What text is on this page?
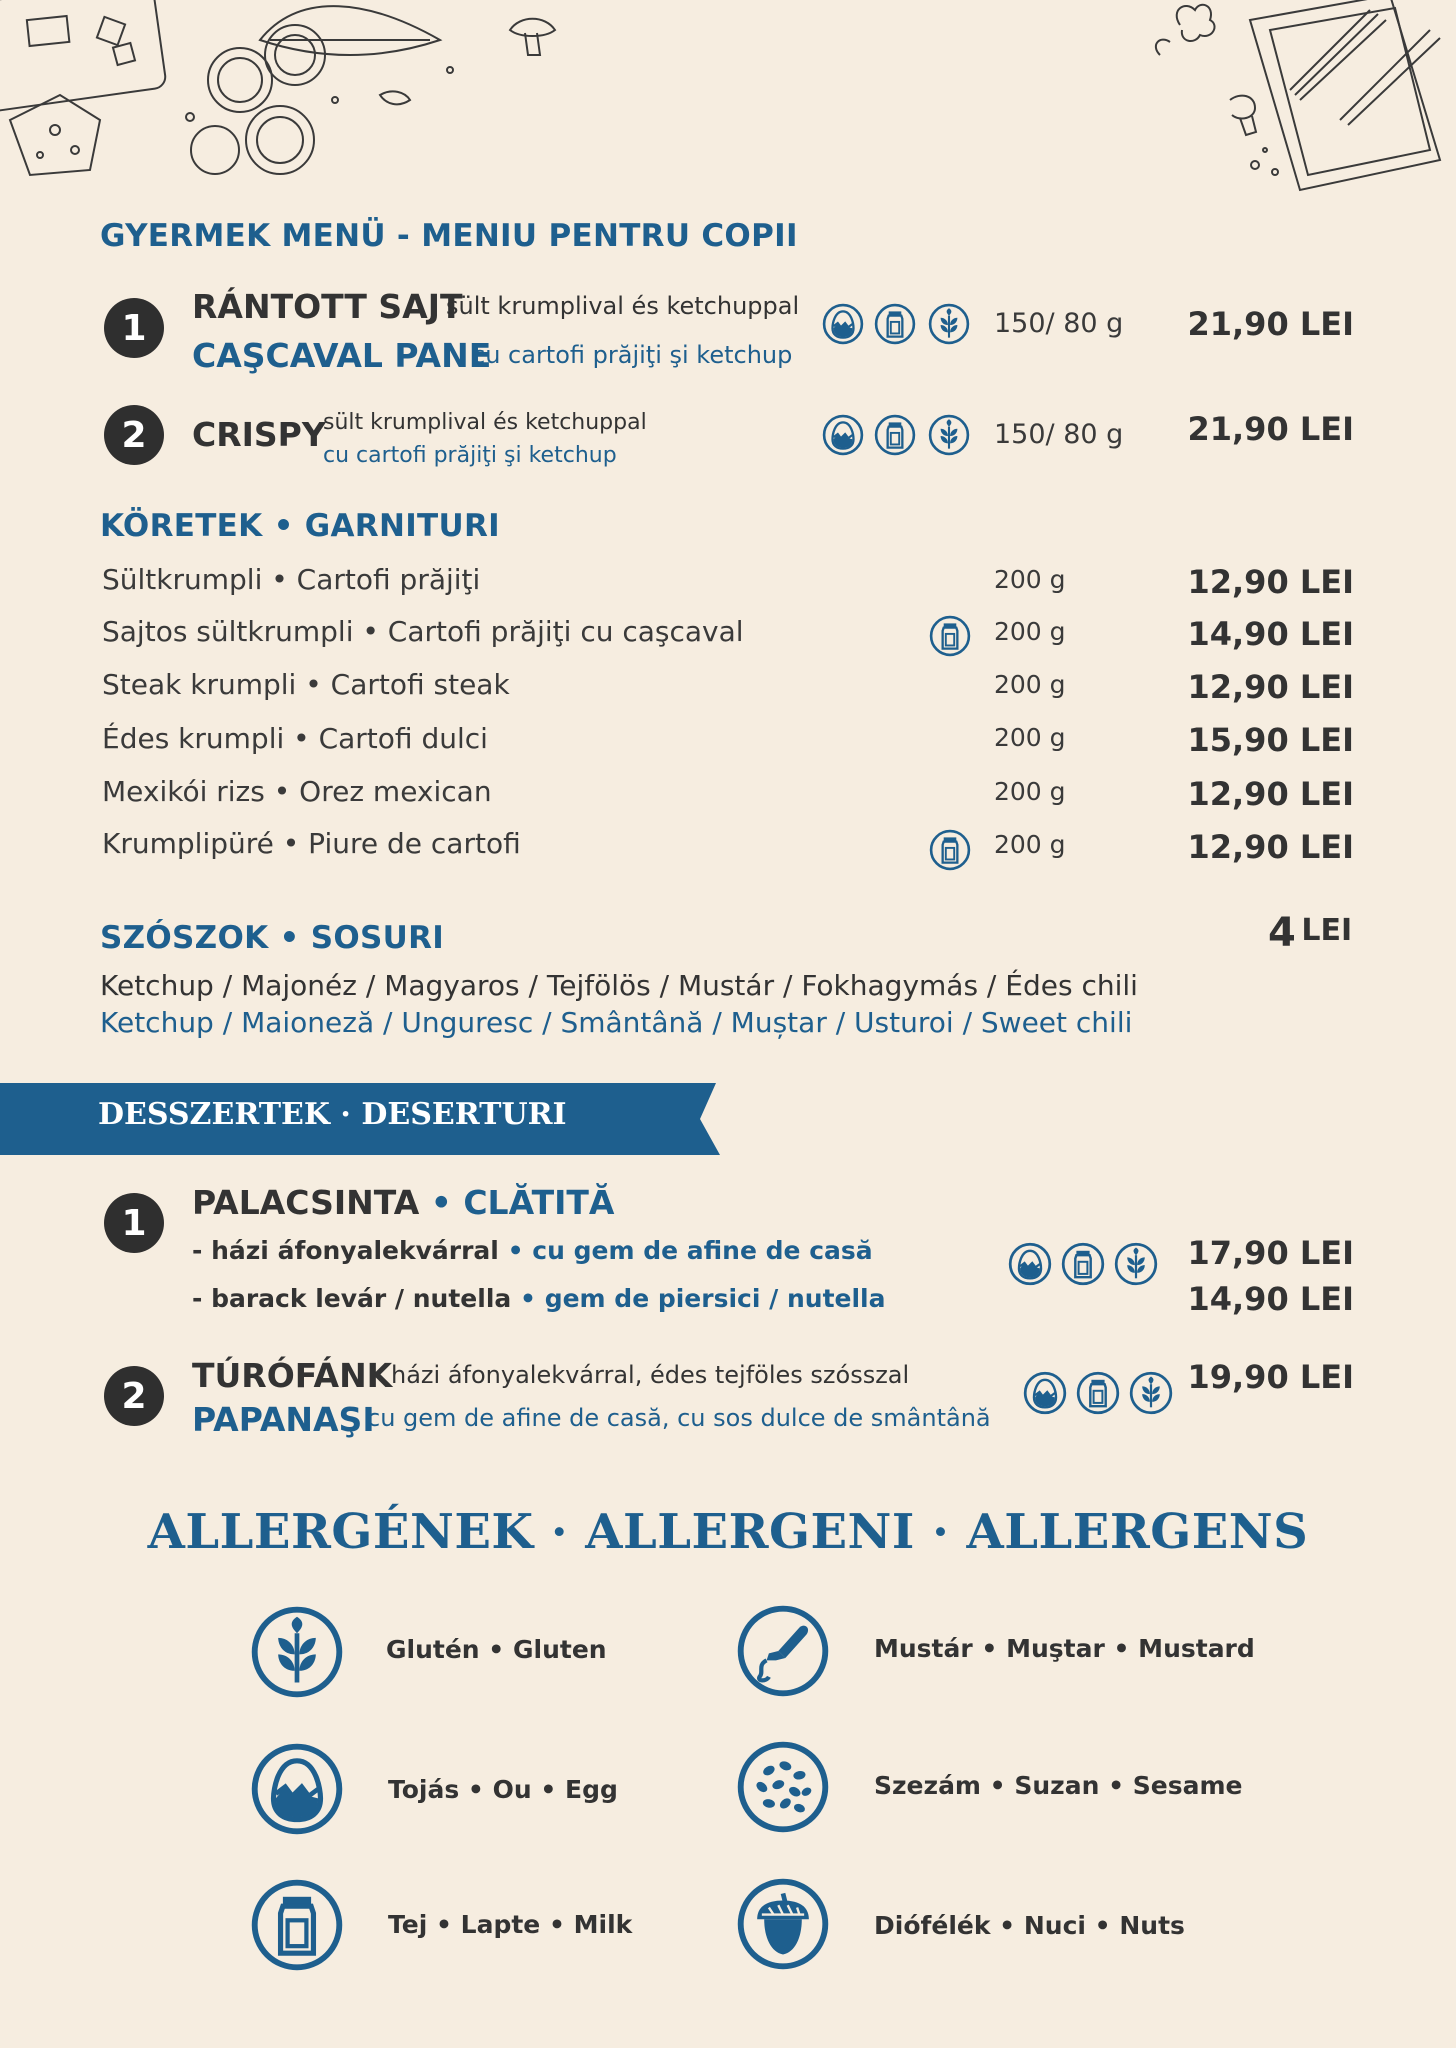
GYERMEK MENÜ - MENIU PENTRU COPII
1
RÁNTOTT SAJT
sült krumplival és ketchuppal
CAŞCAVAL PANE
cu cartofi prăjiţi şi ketchup
150/ 80 g	21,90 LEI
2	CRISPY
sült krumplival és ketchuppal
cu cartofi prăjiţi şi ketchup
150/ 80 g	21,90 LEI
KÖRETEK • GARNITURI
Sültkrumpli • Cartofi prăjiţi	200 g	12,90 LEI
Sajtos sültkrumpli • Cartofi prăjiţi cu caşcaval	200 g	14,90 LEI
Steak krumpli • Cartofi steak	200 g	12,90 LEI
Édes krumpli • Cartofi dulci	200 g	15,90 LEI
Mexikói rizs • Orez mexican	200 g	12,90 LEI
Krumplipüré • Piure de cartofi	200 g	12,90 LEI
SZÓSZOK • SOSURI	4 LEI
Ketchup / Majonéz / Magyaros / Tejfölös / Mustár / Fokhagymás / Édes chili
Ketchup / Maioneză / Unguresc / Smântână / Muștar / Usturoi / Sweet chili
DESSZERTEK · DESERTURI
1	PALACSINTA • CLĂTITĂ
- házi áfonyalekvárral • cu gem de afine de casă
- barack levár / nutella • gem de piersici / nutella
17,90 LEI
14,90 LEI
2	TÚRÓFÁNK
házi áfonyalekvárral, édes tejföles szósszal
PAPANAŞI
cu gem de afine de casă, cu sos dulce de smântână
19,90 LEI
ALLERGÉNEK · ALLERGENI · ALLERGENS
Glutén • Gluten
Tojás • Ou • Egg
Tej • Lapte • Milk
Mustár • Muştar • Mustard
Szezám • Suzan • Sesame
Diófélék • Nuci • Nuts
